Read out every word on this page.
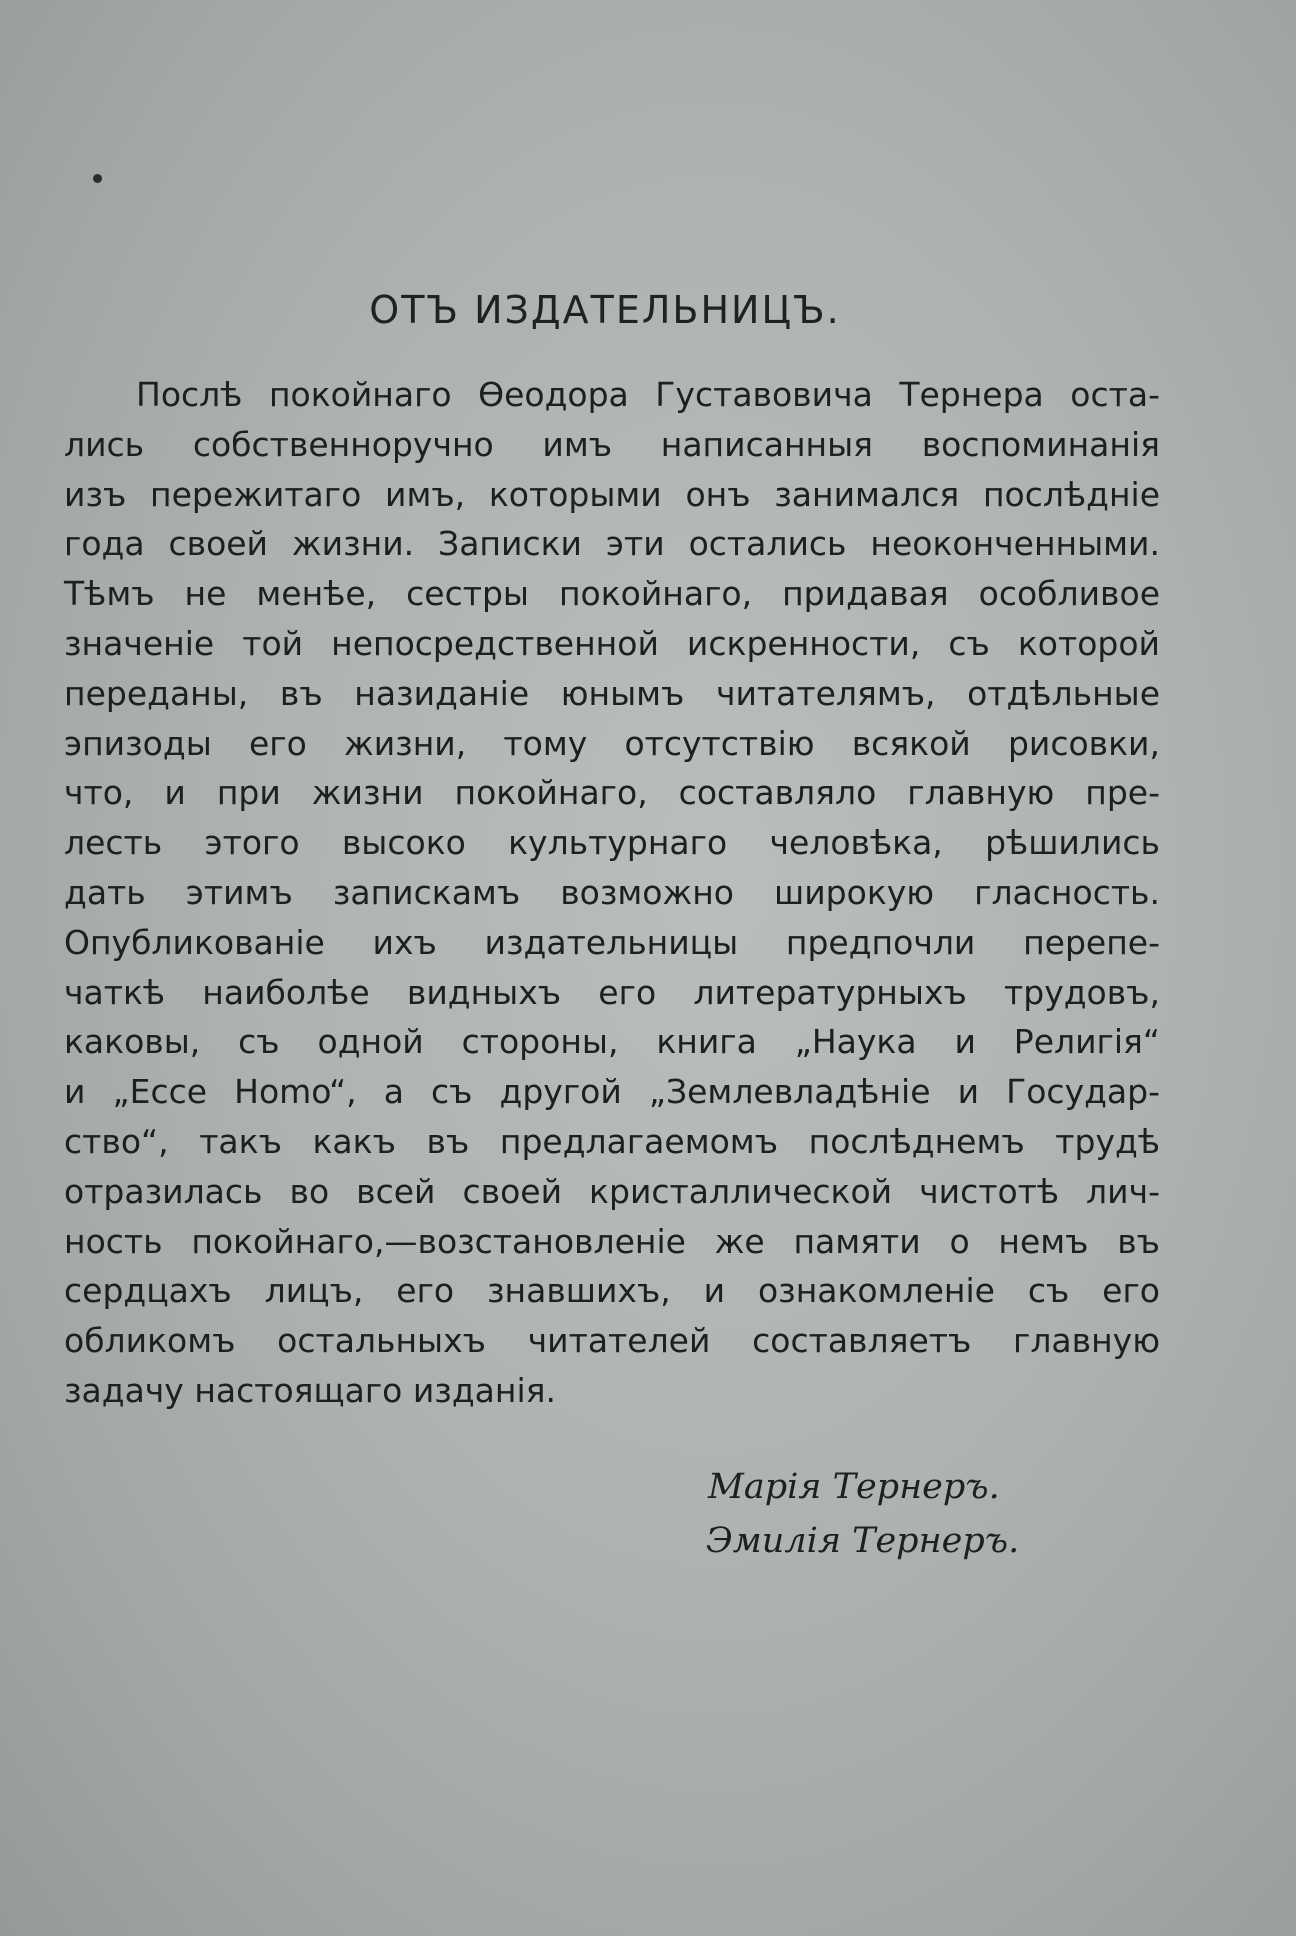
ОТЪ ИЗДАТЕЛЬНИЦЪ.
Послѣ покойнаго Өеодора Густавовича Тернера оста-
лись собственноручно имъ написанныя воспоминанія
изъ пережитаго имъ, которыми онъ занимался послѣдніе
года своей жизни. Записки эти остались неоконченными.
Тѣмъ не менѣе, сестры покойнаго, придавая особливое
значеніе той непосредственной искренности, съ которой
переданы, въ назиданіе юнымъ читателямъ, отдѣльные
эпизоды его жизни, тому отсутствію всякой рисовки,
что, и при жизни покойнаго, составляло главную пре-
лесть этого высоко культурнаго человѣка, рѣшились
дать этимъ запискамъ возможно широкую гласность.
Опубликованіе ихъ издательницы предпочли перепе-
чаткѣ наиболѣе видныхъ его литературныхъ трудовъ,
каковы, съ одной стороны, книга „Наука и Религія“
и „Ecce Homo“, а съ другой „Землевладѣніе и Государ-
ство“, такъ какъ въ предлагаемомъ послѣднемъ трудѣ
отразилась во всей своей кристаллической чистотѣ лич-
ность покойнаго,—возстановленіе же памяти о немъ въ
сердцахъ лицъ, его знавшихъ, и ознакомленіе съ его
обликомъ остальныхъ читателей составляетъ главную
задачу настоящаго изданія.
Марія Тернеръ.
Эмилія Тернеръ.
